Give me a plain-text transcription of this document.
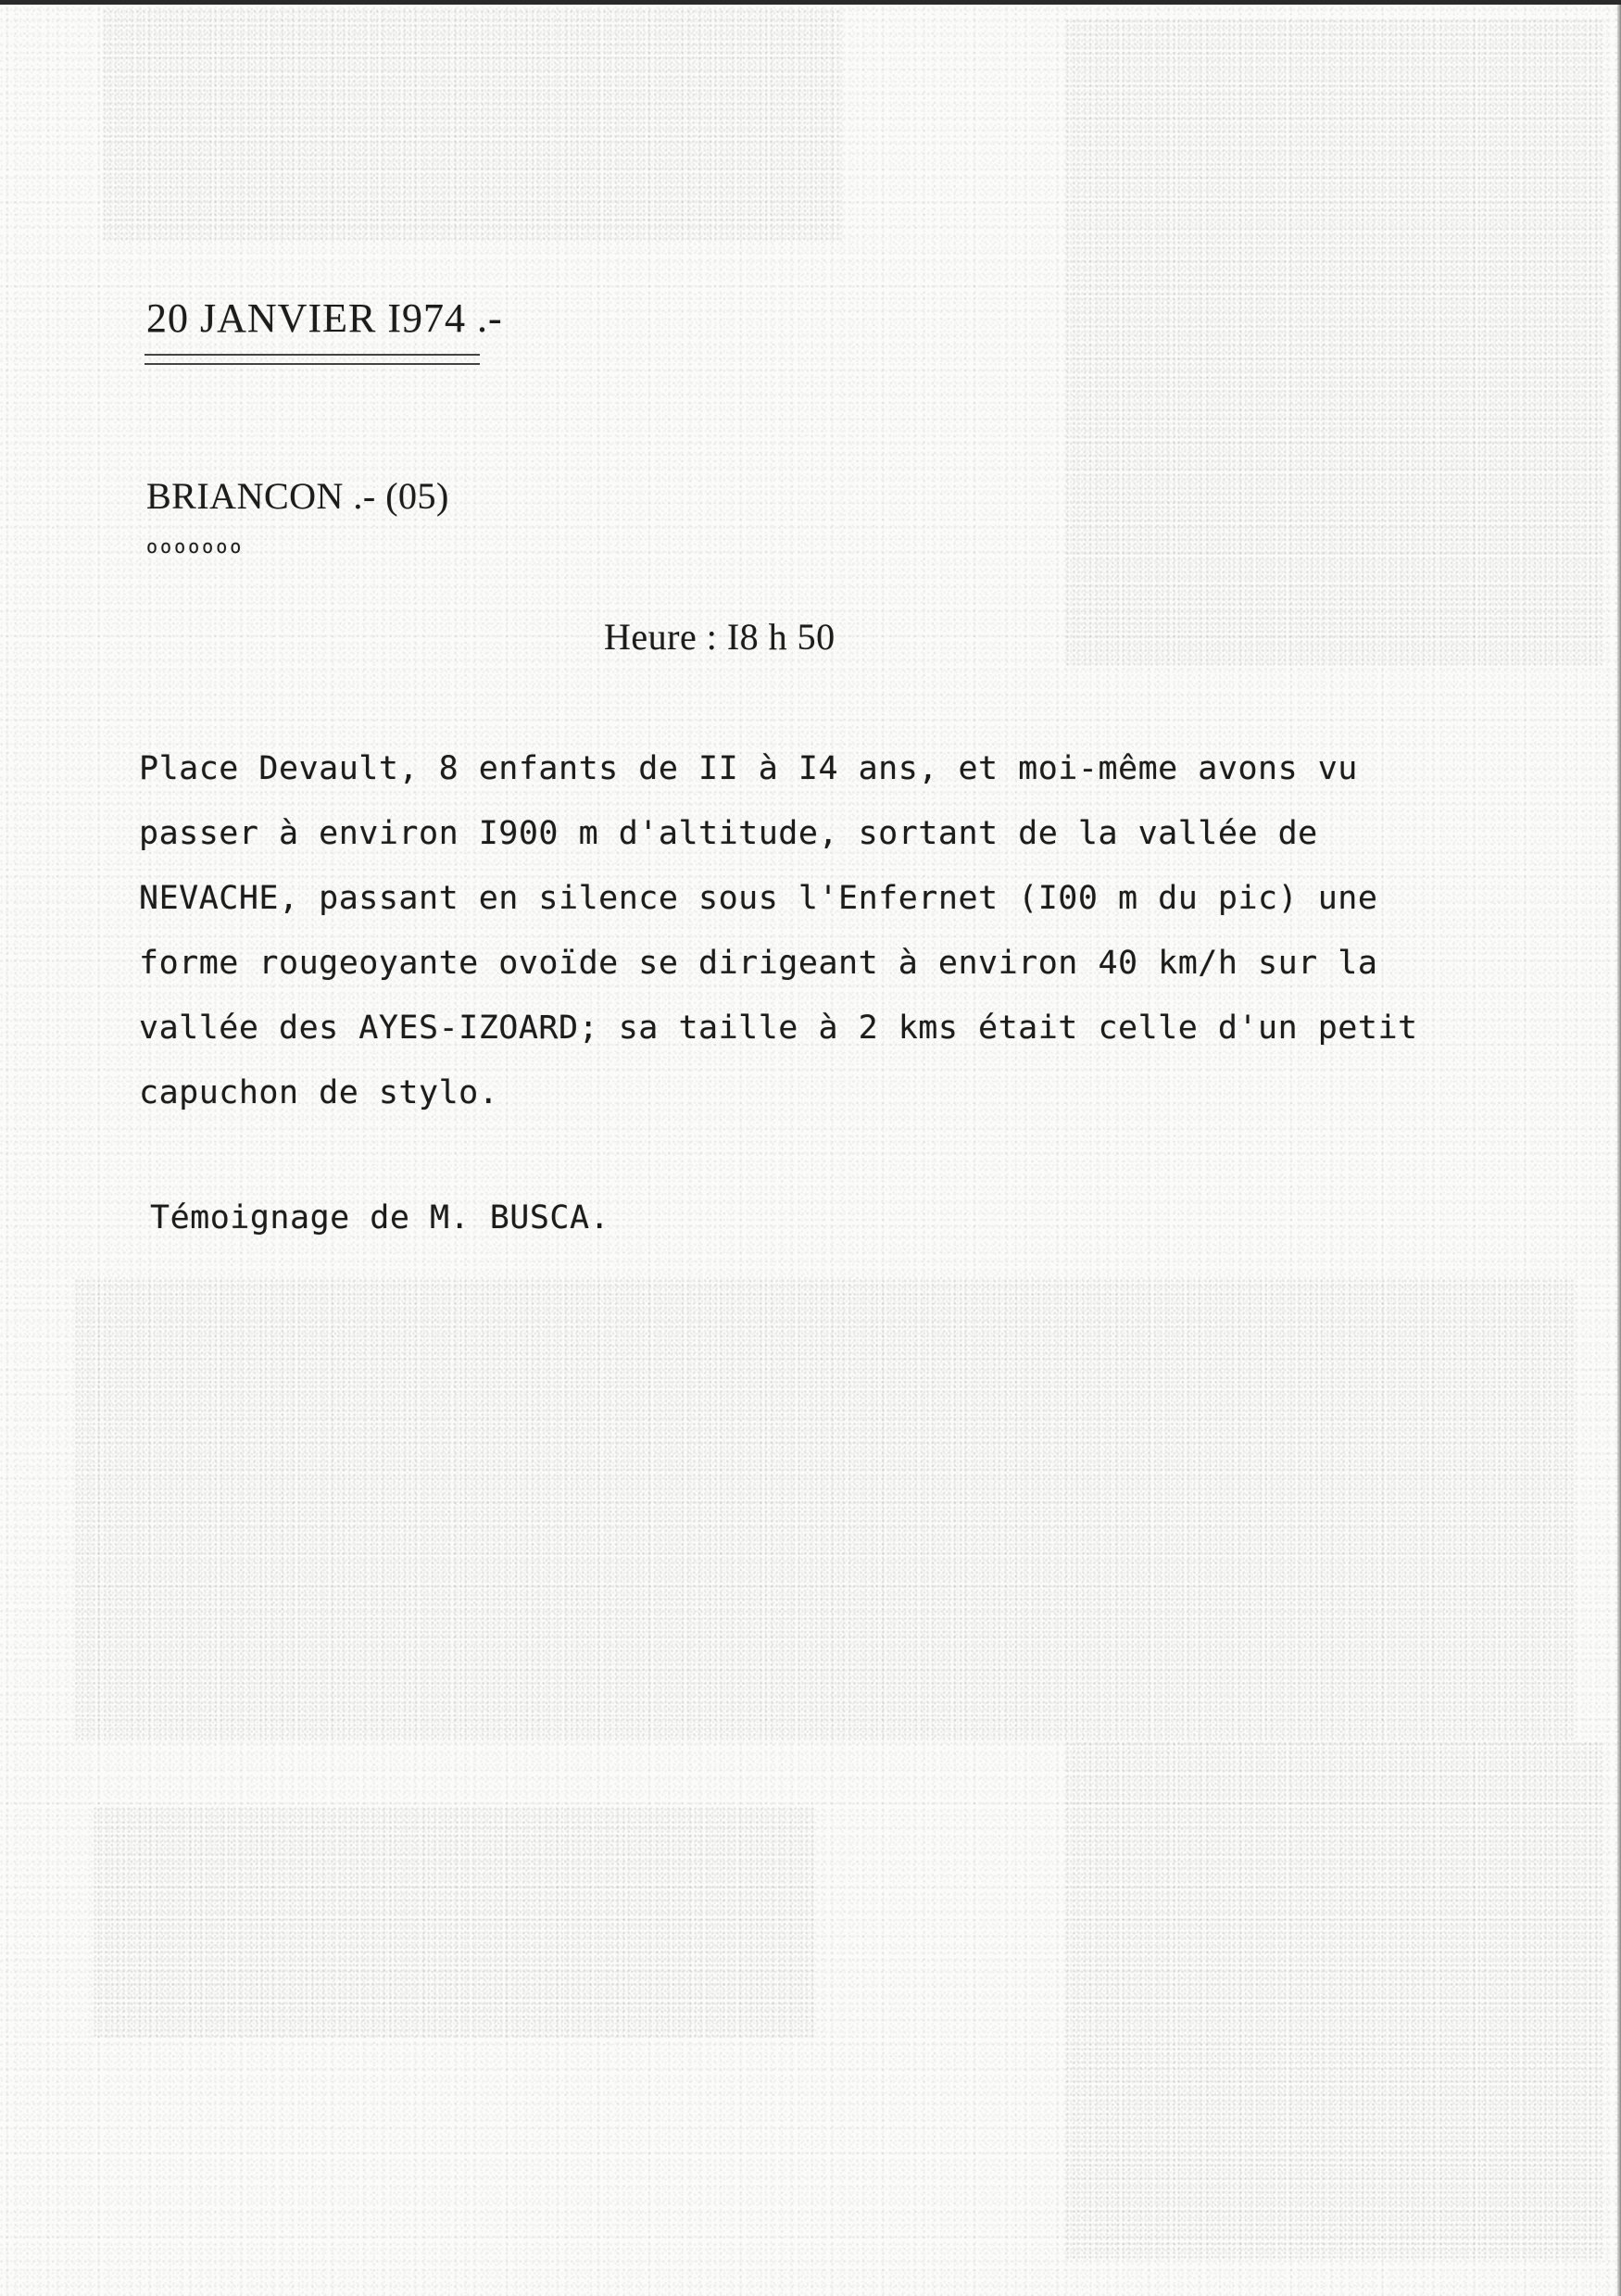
20 JANVIER I974 .-
BRIANCON .- (05)
ooooooo
Heure : I8 h 50
Place Devault, 8 enfants de II à I4 ans, et moi-même avons vu
passer à environ I900 m d'altitude, sortant de la vallée de
NEVACHE, passant en silence sous l'Enfernet (I00 m du pic) une
forme rougeoyante ovoïde se dirigeant à environ 40 km/h sur la
vallée des AYES-IZOARD; sa taille à 2 kms était celle d'un petit
capuchon de stylo.
Témoignage de M. BUSCA.
